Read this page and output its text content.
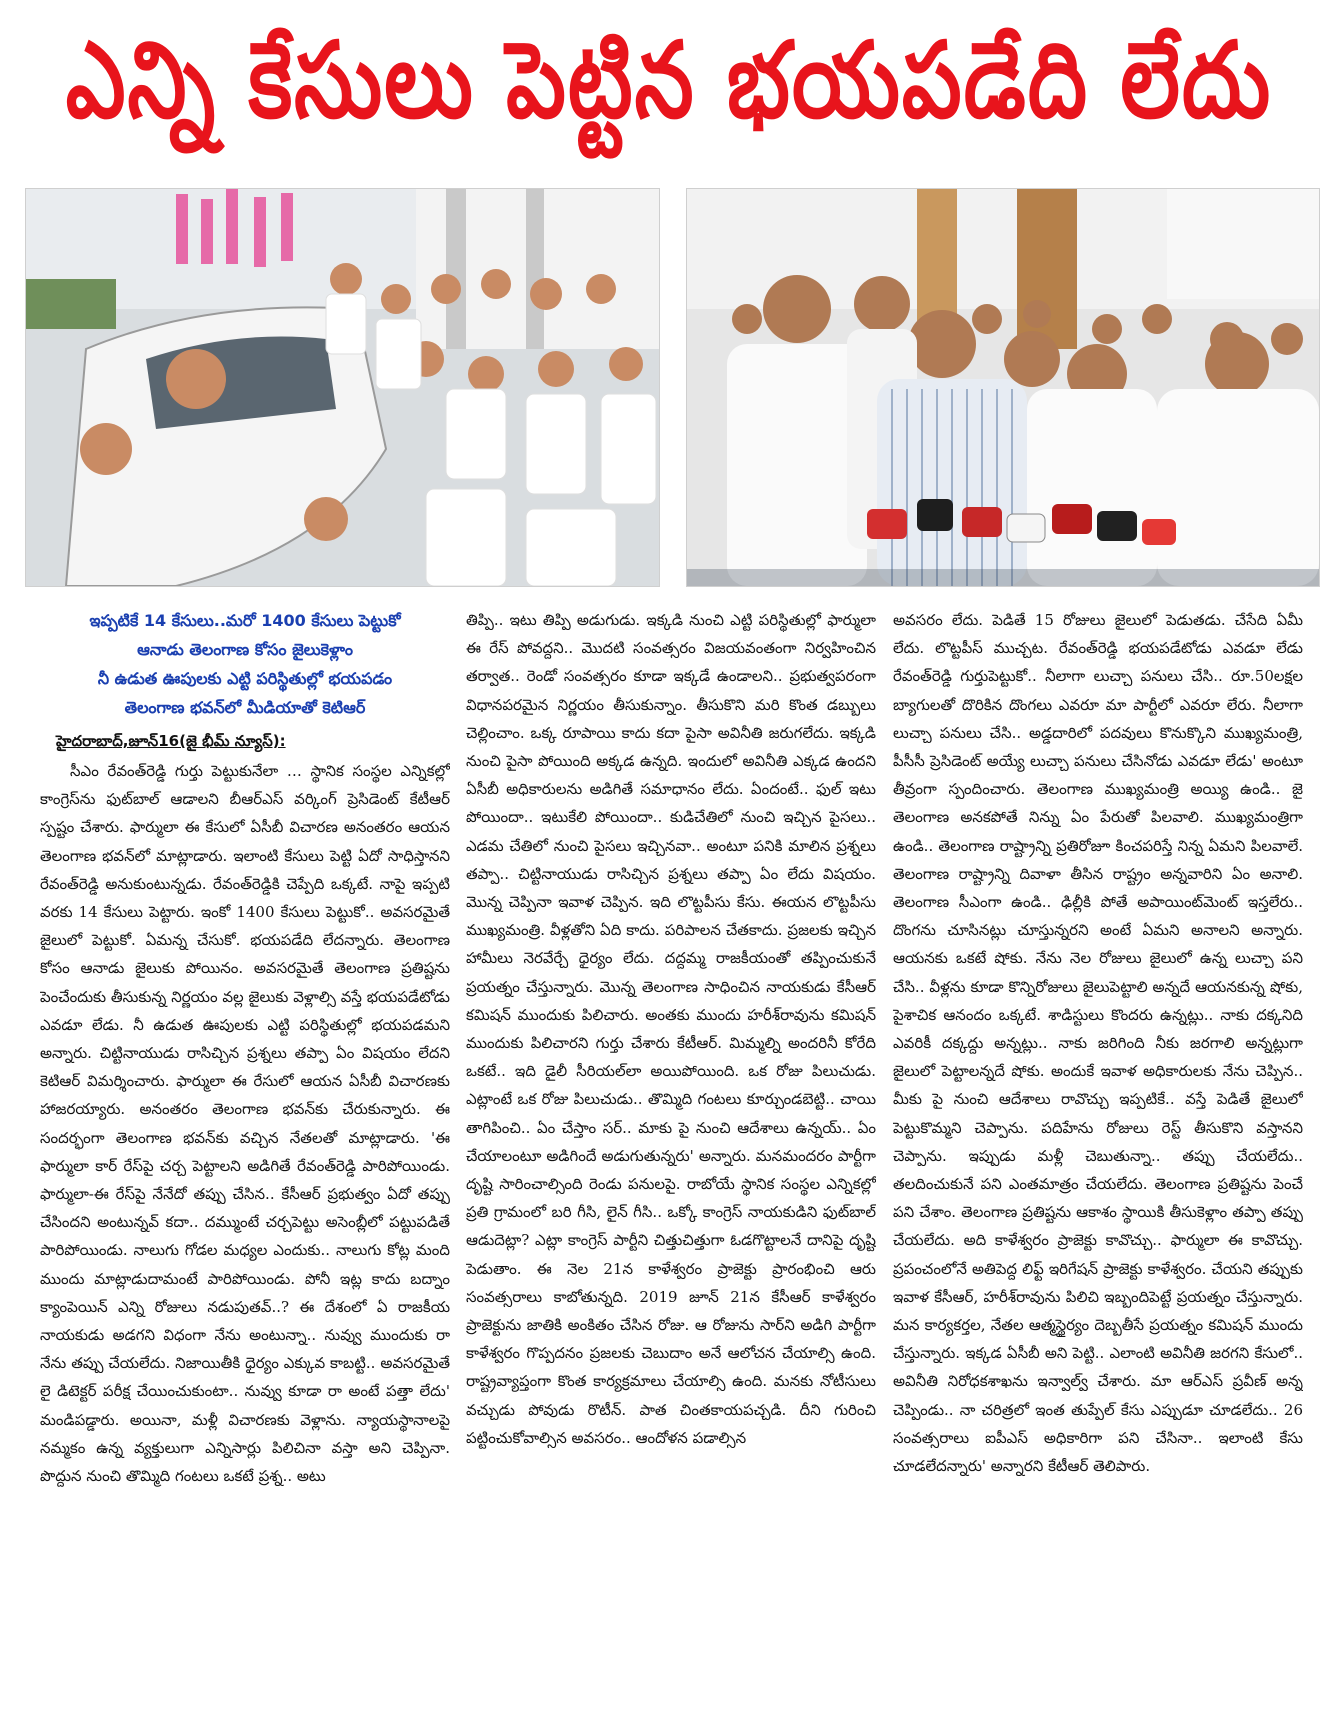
ఎన్ని కేసులు పెట్టిన భయపడేది లేదు
ఇప్పటికే 14 కేసులు..మరో 1400 కేసులు పెట్టుకో
ఆనాడు తెలంగాణ కోసం జైలుకెళ్లాం
నీ ఉడుత ఊపులకు ఎట్టి పరిస్థితుల్లో భయపడం
తెలంగాణ భవన్‌లో మీడియాతో కెటిఆర్
హైదరాబాద్,జూన్16(జై భీమ్ న్యూస్):

సీఎం రేవంత్‌రెడ్డి గుర్తు పెట్టుకునేలా … స్థానిక సంస్థల ఎన్నికల్లో కాంగ్రెస్‌ను ఫుట్‌బాల్ ఆడాలని బీఆర్ఎస్ వర్కింగ్ ప్రెసిడెంట్ కేటీఆర్ స్పష్టం చేశారు. ఫార్ములా ఈ కేసులో ఏసీబీ విచారణ అనంతరం ఆయన తెలంగాణ భవన్‌లో మాట్లాడారు. ఇలాంటి కేసులు పెట్టి ఏదో సాధిస్తానని రేవంత్‌రెడ్డి అనుకుంటున్నడు. రేవంత్‌రెడ్డికి చెప్పేది ఒక్కటే. నాపై ఇప్పటి వరకు 14 కేసులు పెట్టారు. ఇంకో 1400 కేసులు పెట్టుకో.. అవసరమైతే జైలులో పెట్టుకో. ఏమన్న చేసుకో. భయపడేది లేదన్నారు. తెలంగాణ కోసం ఆనాడు జైలుకు పోయినం. అవసరమైతే తెలంగాణ ప్రతిష్టను పెంచేందుకు తీసుకున్న నిర్ణయం వల్ల జైలుకు వెళ్లాల్సి వస్తే భయపడేటోడు ఎవడూ లేడు. నీ ఉడుత ఊపులకు ఎట్టి పరిస్థితుల్లో భయపడమని అన్నారు. చిట్టినాయుడు రాసిచ్చిన ప్రశ్నలు తప్పా ఏం విషయం లేదని కెటిఆర్ విమర్శించారు. ఫార్ములా ఈ రేసులో ఆయన ఏసీబీ విచారణకు హాజరయ్యారు. అనంతరం తెలంగాణ భవన్‌కు చేరుకున్నారు. ఈ సందర్భంగా తెలంగాణ భవన్‌కు వచ్చిన నేతలతో మాట్లాడారు. 'ఈ ఫార్ములా కార్ రేస్‌పై చర్చ పెట్టాలని అడిగితే రేవంత్‌రెడ్డి పారిపోయిండు. ఫార్ములా-ఈ రేస్‌పై నేనేదో తప్పు చేసిన.. కేసీఆర్ ప్రభుత్వం ఏదో తప్పు చేసిందని అంటున్నవ్ కదా.. దమ్ముంటే చర్చపెట్టు అసెంబ్లీలో పట్టుపడితే పారిపోయిండు. నాలుగు గోడల మధ్యల ఎందుకు.. నాలుగు కోట్ల మంది ముందు మాట్లాడుదామంటే పారిపోయిండు. పోనీ ఇట్ల కాదు బద్నాం క్యాంపెయిన్ ఎన్ని రోజులు నడుపుతవ్..? ఈ దేశంలో ఏ రాజకీయ నాయకుడు అడగని విధంగా నేను అంటున్నా.. నువ్వు ముందుకు రా నేను తప్పు చేయలేదు. నిజాయితీకి ధైర్యం ఎక్కువ కాబట్టి.. అవసరమైతే లై డిటెక్టర్ పరీక్ష చేయించుకుంటా.. నువ్వు కూడా రా అంటే పత్తా లేదు' మండిపడ్డారు. అయినా, మళ్లీ విచారణకు వెళ్లాను. న్యాయస్థానాలపై నమ్మకం ఉన్న వ్యక్తులుగా ఎన్నిసార్లు పిలిచినా వస్తా అని చెప్పినా. పొద్దున నుంచి తొమ్మిది గంటలు ఒకటే ప్రశ్న.. అటు

తిప్పి.. ఇటు తిప్పి అడుగుడు. ఇక్కడి నుంచి ఎట్టి పరిస్థితుల్లో ఫార్ములా ఈ రేస్ పోవద్దని.. మొదటి సంవత్సరం విజయవంతంగా నిర్వహించిన తర్వాత.. రెండో సంవత్సరం కూడా ఇక్కడే ఉండాలని.. ప్రభుత్వపరంగా విధానపరమైన నిర్ణయం తీసుకున్నాం. తీసుకొని మరి కొంత డబ్బులు చెల్లించాం. ఒక్క రూపాయి కాదు కదా పైసా అవినీతి జరుగలేదు. ఇక్కడి నుంచి పైసా పోయింది అక్కడ ఉన్నది. ఇందులో అవినీతి ఎక్కడ ఉందని ఏసీబీ అధికారులను అడిగితే సమాధానం లేదు. ఏందంటే.. ఫుల్ ఇటు పోయిందా.. ఇటుకేలి పోయిందా.. కుడిచేతిలో నుంచి ఇచ్చిన పైసలు.. ఎడమ చేతిలో నుంచి పైసలు ఇచ్చినవా.. అంటూ పనికి మాలిన ప్రశ్నలు తప్పా.. చిట్టినాయుడు రాసిచ్చిన ప్రశ్నలు తప్పా ఏం లేదు విషయం. మొన్న చెప్పినా ఇవాళ చెప్పిన. ఇది లొట్టపీసు కేసు. ఈయన లొట్టపీసు ముఖ్యమంత్రి. వీళ్లతోని ఏది కాదు. పరిపాలన చేతకాదు. ప్రజలకు ఇచ్చిన హామీలు నెరవేర్చే ధైర్యం లేదు. దద్దమ్మ రాజకీయంతో తప్పించుకునే ప్రయత్నం చేస్తున్నారు. మొన్న తెలంగాణ సాధించిన నాయకుడు కేసీఆర్ కమిషన్ ముందుకు పిలిచారు. అంతకు ముందు హరీశ్‌రావును కమిషన్ ముందుకు పిలిచారని గుర్తు చేశారు కేటీఆర్. మిమ్మల్ని అందరినీ కోరేది ఒకటే.. ఇది డైలీ సీరియల్‌లా అయిపోయింది. ఒక రోజు పిలుచుడు. ఎట్లాంటే ఒక రోజు పిలుచుడు.. తొమ్మిది గంటలు కూర్చుండబెట్టి.. చాయి తాగిపించి.. ఏం చేస్తాం సర్.. మాకు పై నుంచి ఆదేశాలు ఉన్నయ్.. ఏం చేయాలంటూ అడిగిందే అడుగుతున్నరు' అన్నారు. మనమందరం పార్టీగా దృష్టి సారించాల్సింది రెండు పనులపై. రాబోయే స్థానిక సంస్థల ఎన్నికల్లో ప్రతి గ్రామంలో బరి గీసి, లైన్ గీసి.. ఒక్కో కాంగ్రెస్ నాయకుడిని ఫుట్‌బాల్ ఆడుదెట్లా? ఎట్లా కాంగ్రెస్ పార్టీని చిత్తుచిత్తుగా ఓడగొట్టాలనే దానిపై దృష్టి పెడుతాం. ఈ నెల 21న కాళేశ్వరం ప్రాజెక్టు ప్రారంభించి ఆరు సంవత్సరాలు కాబోతున్నది. 2019 జూన్ 21న కేసీఆర్ కాళేశ్వరం ప్రాజెక్టును జాతికి అంకితం చేసిన రోజు. ఆ రోజును సార్‌ని అడిగి పార్టీగా కాళేశ్వరం గొప్పదనం ప్రజలకు చెబుదాం అనే ఆలోచన చేయాల్సి ఉంది. రాష్ట్రవ్యాప్తంగా కొంత కార్యక్రమాలు చేయాల్సి ఉంది. మనకు నోటీసులు వచ్చుడు పోవుడు రొటీన్. పాత చింతకాయపచ్చడి. దీని గురించి పట్టించుకోవాల్సిన అవసరం.. ఆందోళన పడాల్సిన

అవసరం లేదు. పెడితే 15 రోజులు జైలులో పెడుతడు. చేసేది ఏమీ లేదు. లొట్టపీస్ ముచ్చట. రేవంత్‌రెడ్డి భయపడేటోడు ఎవడూ లేడు రేవంత్‌రెడ్డి గుర్తుపెట్టుకో.. నీలాగా లుచ్చా పనులు చేసి.. రూ.50లక్షల బ్యాగులతో దొరికిన దొంగలు ఎవరూ మా పార్టీలో ఎవరూ లేరు. నీలాగా లుచ్చా పనులు చేసి.. అడ్డదారిలో పదవులు కొనుక్కొని ముఖ్యమంత్రి, పీసీసీ ప్రెసిడెంట్ అయ్యే లుచ్చా పనులు చేసినోడు ఎవడూ లేడు' అంటూ తీవ్రంగా స్పందించారు. తెలంగాణ ముఖ్యమంత్రి అయ్యి ఉండి.. జై తెలంగాణ అనకపోతే నిన్ను ఏం పేరుతో పిలవాలి. ముఖ్యమంత్రిగా ఉండి.. తెలంగాణ రాష్ట్రాన్ని ప్రతిరోజూ కించపరిస్తే నిన్న ఏమని పిలవాలే. తెలంగాణ రాష్ట్రాన్ని దివాళా తీసిన రాష్ట్రం అన్నవారిని ఏం అనాలి. తెలంగాణ సీఎంగా ఉండి.. ఢిల్లీకి పోతే అపాయింట్‌మెంట్ ఇస్తలేరు.. దొంగను చూసినట్లు చూస్తున్నరని అంటే ఏమని అనాలని అన్నారు. ఆయనకు ఒకటే షోకు. నేను నెల రోజులు జైలులో ఉన్న లుచ్చా పని చేసి.. వీళ్లను కూడా కొన్నిరోజులు జైలుపెట్టాలి అన్నదే ఆయనకున్న షోకు, పైశాచిక ఆనందం ఒక్కటే. శాడిస్టులు కొందరు ఉన్నట్లు.. నాకు దక్కనిది ఎవరికీ దక్కద్దు అన్నట్లు.. నాకు జరిగింది నీకు జరగాలి అన్నట్లుగా జైలులో పెట్టాలన్నదే షోకు. అందుకే ఇవాళ అధికారులకు నేను చెప్పిన.. మీకు పై నుంచి ఆదేశాలు రావొచ్చు ఇప్పటికే.. వస్తే పెడితే జైలులో పెట్టుకొమ్మని చెప్పాను. పదిహేను రోజులు రెస్ట్ తీసుకొని వస్తానని చెప్పాను. ఇప్పుడు మళ్లీ చెబుతున్నా.. తప్పు చేయలేదు.. తలదించుకునే పని ఎంతమాత్రం చేయలేదు. తెలంగాణ ప్రతిష్టను పెంచే పని చేశాం. తెలంగాణ ప్రతిష్టను ఆకాశం స్థాయికి తీసుకెళ్లాం తప్పా తప్పు చేయలేదు. అది కాళేశ్వరం ప్రాజెక్టు కావొచ్చు.. ఫార్ములా ఈ కావొచ్చు. ప్రపంచంలోనే అతిపెద్ద లిఫ్ట్ ఇరిగేషన్ ప్రాజెక్టు కాళేశ్వరం. చేయని తప్పుకు ఇవాళ కేసీఆర్, హరీశ్‌రావును పిలిచి ఇబ్బందిపెట్టే ప్రయత్నం చేస్తున్నారు. మన కార్యకర్తల, నేతల ఆత్మస్థైర్యం దెబ్బతీసే ప్రయత్నం కమిషన్ ముందు చేస్తున్నారు. ఇక్కడ ఏసీబీ అని పెట్టి.. ఎలాంటి అవినీతి జరగని కేసులో.. అవినీతి నిరోధకశాఖను ఇన్వాల్వ్ చేశారు. మా ఆర్ఎస్ ప్రవీణ్ అన్న చెప్పిండు.. నా చరిత్రలో ఇంత తుప్పేల్ కేసు ఎప్పుడూ చూడలేదు.. 26 సంవత్సరాలు ఐపీఎస్ అధికారిగా పని చేసినా.. ఇలాంటి కేసు చూడలేదన్నారు' అన్నారని కేటీఆర్ తెలిపారు.
